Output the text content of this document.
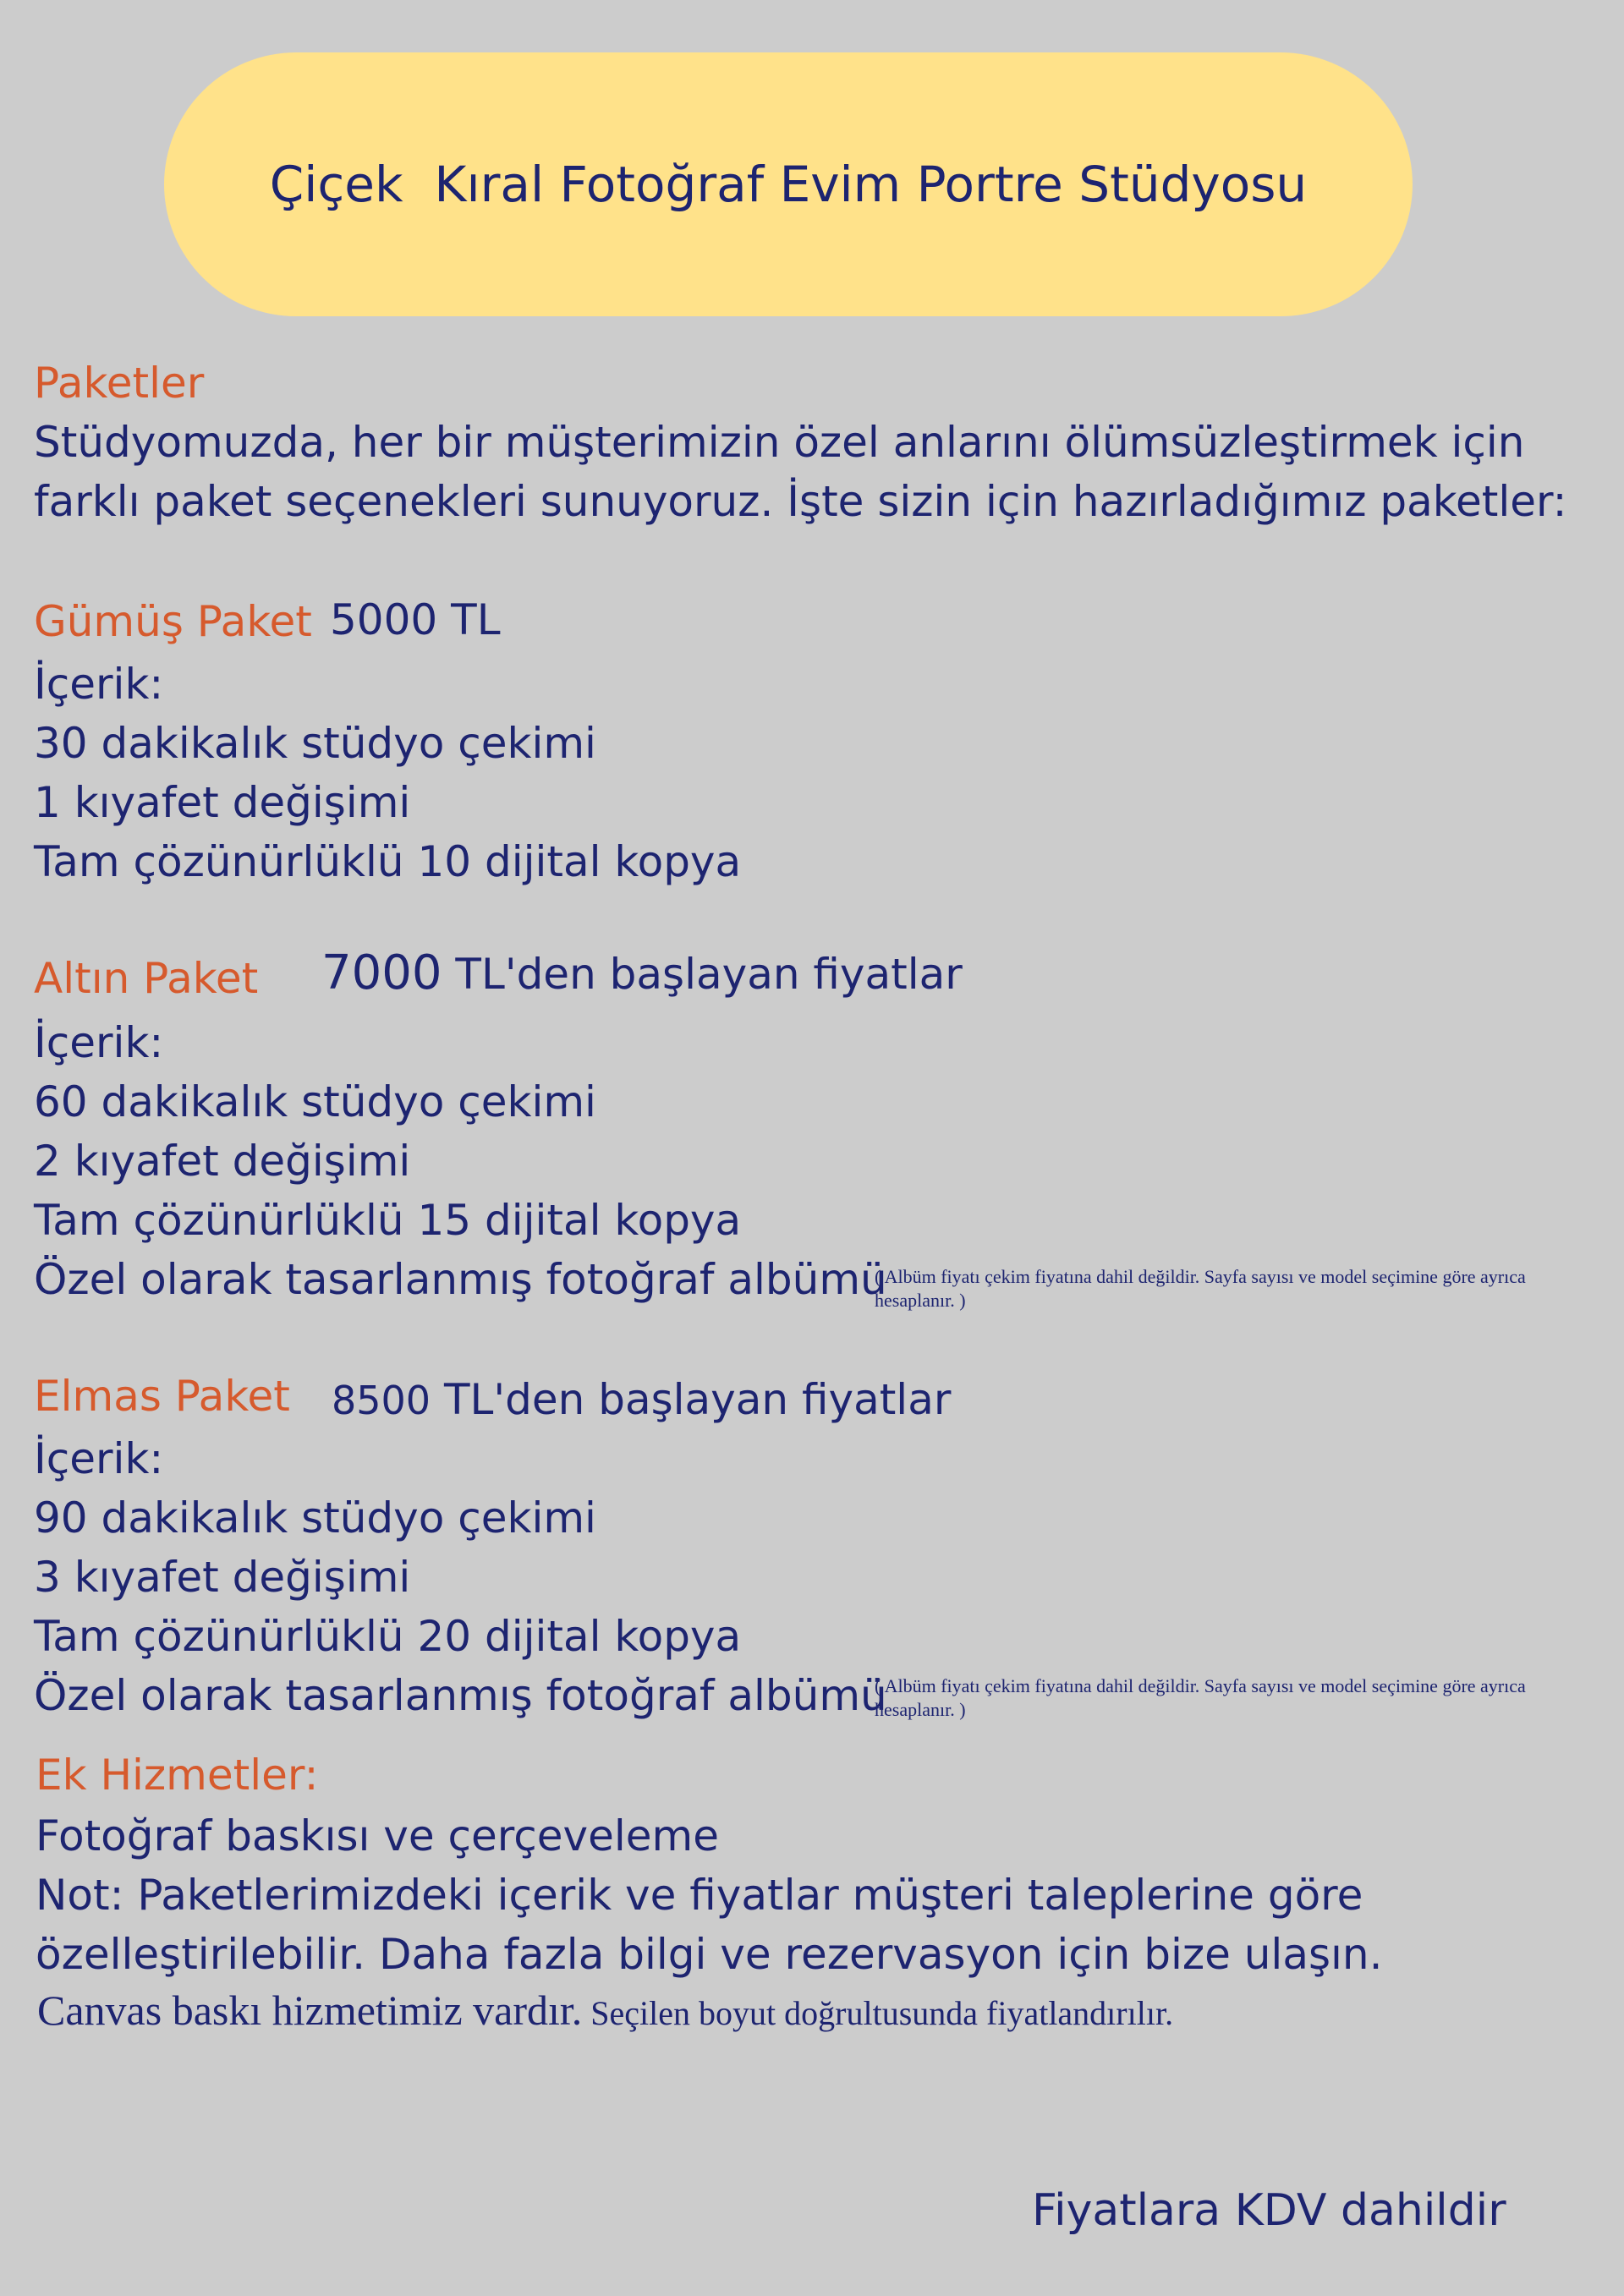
Çiçek  Kıral Fotoğraf Evim Portre Stüdyosu
Paketler
Stüdyomuzda, her bir müşterimizin özel anlarını ölümsüzleştirmek için
farklı paket seçenekleri sunuyoruz. İşte sizin için hazırladığımız paketler:
Gümüş Paket 5000 TL
İçerik:
30 dakikalık stüdyo çekimi
1 kıyafet değişimi
Tam çözünürlüklü 10 dijital kopya
Altın Paket 7000 TL'den başlayan fiyatlar
İçerik:
60 dakikalık stüdyo çekimi
2 kıyafet değişimi
Tam çözünürlüklü 15 dijital kopya
Özel olarak tasarlanmış fotoğraf albümü
( Albüm fiyatı çekim fiyatına dahil değildir. Sayfa sayısı ve model seçimine göre ayrıca hesaplanır. )
Elmas Paket 8500 TL'den başlayan fiyatlar
İçerik:
90 dakikalık stüdyo çekimi
3 kıyafet değişimi
Tam çözünürlüklü 20 dijital kopya
Özel olarak tasarlanmış fotoğraf albümü
( Albüm fiyatı çekim fiyatına dahil değildir. Sayfa sayısı ve model seçimine göre ayrıca hesaplanır. )
Ek Hizmetler:
Fotoğraf baskısı ve çerçeveleme
Not: Paketlerimizdeki içerik ve fiyatlar müşteri taleplerine göre
özelleştirilebilir. Daha fazla bilgi ve rezervasyon için bize ulaşın.
Canvas baskı hizmetimiz vardır. Seçilen boyut doğrultusunda fiyatlandırılır.
Fiyatlara KDV dahildir
